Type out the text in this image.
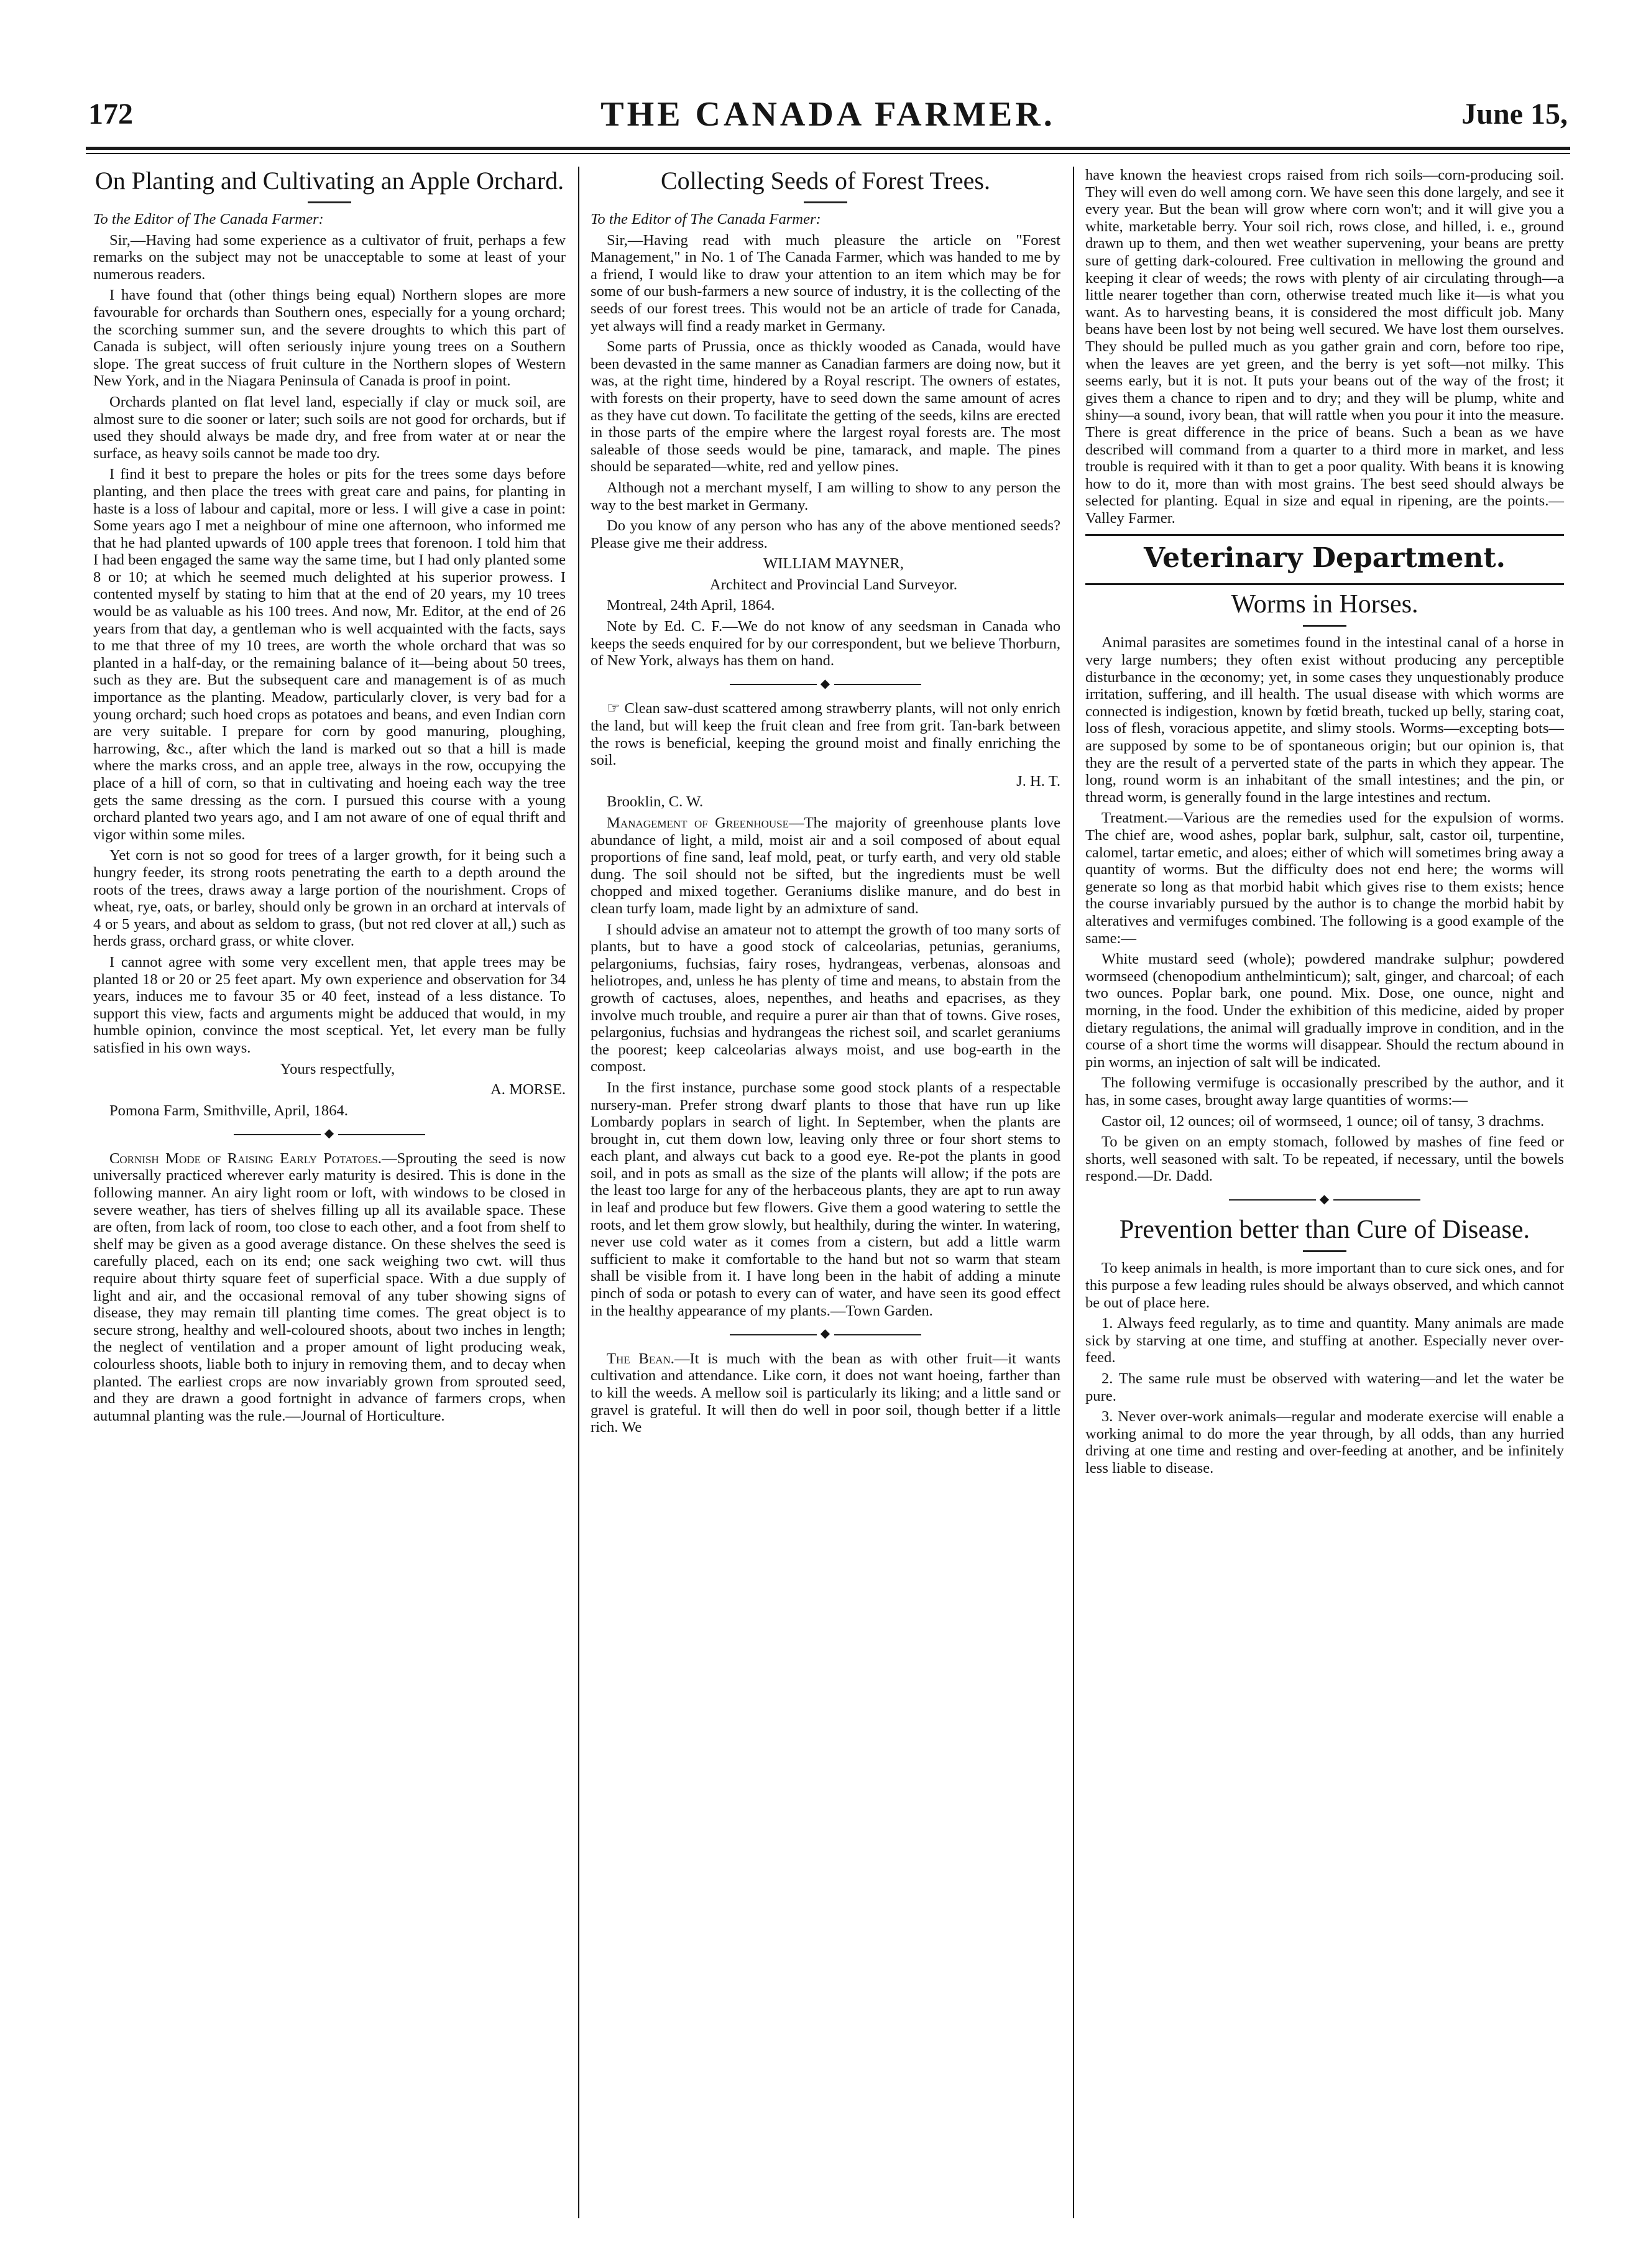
172	THE CANADA FARMER.	June 15,
On Planting and Cultivating an Apple Orchard.

To the Editor of The Canada Farmer:

Sir,—Having had some experience as a cultivator of fruit, perhaps a few remarks on the subject may not be unacceptable to some at least of your numerous readers.

I have found that (other things being equal) Northern slopes are more favourable for orchards than Southern ones, especially for a young orchard; the scorching summer sun, and the severe droughts to which this part of Canada is subject, will often seriously injure young trees on a Southern slope. The great success of fruit culture in the Northern slopes of Western New York, and in the Niagara Peninsula of Canada is proof in point.

Orchards planted on flat level land, especially if clay or muck soil, are almost sure to die sooner or later; such soils are not good for orchards, but if used they should always be made dry, and free from water at or near the surface, as heavy soils cannot be made too dry.

I find it best to prepare the holes or pits for the trees some days before planting, and then place the trees with great care and pains, for planting in haste is a loss of labour and capital, more or less. I will give a case in point: Some years ago I met a neighbour of mine one afternoon, who informed me that he had planted upwards of 100 apple trees that forenoon. I told him that I had been engaged the same way the same time, but I had only planted some 8 or 10; at which he seemed much delighted at his superior prowess. I contented myself by stating to him that at the end of 20 years, my 10 trees would be as valuable as his 100 trees. And now, Mr. Editor, at the end of 26 years from that day, a gentleman who is well acquainted with the facts, says to me that three of my 10 trees, are worth the whole orchard that was so planted in a half-day, or the remaining balance of it—being about 50 trees, such as they are. But the subsequent care and management is of as much importance as the planting. Meadow, particularly clover, is very bad for a young orchard; such hoed crops as potatoes and beans, and even Indian corn are very suitable. I prepare for corn by good manuring, ploughing, harrowing, &c., after which the land is marked out so that a hill is made where the marks cross, and an apple tree, always in the row, occupying the place of a hill of corn, so that in cultivating and hoeing each way the tree gets the same dressing as the corn. I pursued this course with a young orchard planted two years ago, and I am not aware of one of equal thrift and vigor within some miles.

Yet corn is not so good for trees of a larger growth, for it being such a hungry feeder, its strong roots penetrating the earth to a depth around the roots of the trees, draws away a large portion of the nourishment. Crops of wheat, rye, oats, or barley, should only be grown in an orchard at intervals of 4 or 5 years, and about as seldom to grass, (but not red clover at all,) such as herds grass, orchard grass, or white clover.

I cannot agree with some very excellent men, that apple trees may be planted 18 or 20 or 25 feet apart. My own experience and observation for 34 years, induces me to favour 35 or 40 feet, instead of a less distance. To support this view, facts and arguments might be adduced that would, in my humble opinion, convince the most sceptical. Yet, let every man be fully satisfied in his own ways.

Yours respectfully,

A. MORSE.

Pomona Farm, Smithville, April, 1864.

◆

Cornish Mode of Raising Early Potatoes.—Sprouting the seed is now universally practiced wherever early maturity is desired. This is done in the following manner. An airy light room or loft, with windows to be closed in severe weather, has tiers of shelves filling up all its available space. These are often, from lack of room, too close to each other, and a foot from shelf to shelf may be given as a good average distance. On these shelves the seed is carefully placed, each on its end; one sack weighing two cwt. will thus require about thirty square feet of superficial space. With a due supply of light and air, and the occasional removal of any tuber showing signs of disease, they may remain till planting time comes. The great object is to secure strong, healthy and well-coloured shoots, about two inches in length; the neglect of ventilation and a proper amount of light producing weak, colourless shoots, liable both to injury in removing them, and to decay when planted. The earliest crops are now invariably grown from sprouted seed, and they are drawn a good fortnight in advance of farmers crops, when autumnal planting was the rule.—Journal of Horticulture.

Collecting Seeds of Forest Trees.

To the Editor of The Canada Farmer:

Sir,—Having read with much pleasure the article on "Forest Management," in No. 1 of The Canada Farmer, which was handed to me by a friend, I would like to draw your attention to an item which may be for some of our bush-farmers a new source of industry, it is the collecting of the seeds of our forest trees. This would not be an article of trade for Canada, yet always will find a ready market in Germany.

Some parts of Prussia, once as thickly wooded as Canada, would have been devasted in the same manner as Canadian farmers are doing now, but it was, at the right time, hindered by a Royal rescript. The owners of estates, with forests on their property, have to seed down the same amount of acres as they have cut down. To facilitate the getting of the seeds, kilns are erected in those parts of the empire where the largest royal forests are. The most saleable of those seeds would be pine, tamarack, and maple. The pines should be separated—white, red and yellow pines.

Although not a merchant myself, I am willing to show to any person the way to the best market in Germany.

Do you know of any person who has any of the above mentioned seeds? Please give me their address.

WILLIAM MAYNER,

Architect and Provincial Land Surveyor.

Montreal, 24th April, 1864.

Note by Ed. C. F.—We do not know of any seedsman in Canada who keeps the seeds enquired for by our correspondent, but we believe Thorburn, of New York, always has them on hand.

◆

☞ Clean saw-dust scattered among strawberry plants, will not only enrich the land, but will keep the fruit clean and free from grit. Tan-bark between the rows is beneficial, keeping the ground moist and finally enriching the soil.

J. H. T.

Brooklin, C. W.

Management of Greenhouse—The majority of greenhouse plants love abundance of light, a mild, moist air and a soil composed of about equal proportions of fine sand, leaf mold, peat, or turfy earth, and very old stable dung. The soil should not be sifted, but the ingredients must be well chopped and mixed together. Geraniums dislike manure, and do best in clean turfy loam, made light by an admixture of sand.

I should advise an amateur not to attempt the growth of too many sorts of plants, but to have a good stock of calceolarias, petunias, geraniums, pelargoniums, fuchsias, fairy roses, hydrangeas, verbenas, alonsoas and heliotropes, and, unless he has plenty of time and means, to abstain from the growth of cactuses, aloes, nepenthes, and heaths and epacrises, as they involve much trouble, and require a purer air than that of towns. Give roses, pelargonius, fuchsias and hydrangeas the richest soil, and scarlet geraniums the poorest; keep calceolarias always moist, and use bog-earth in the compost.

In the first instance, purchase some good stock plants of a respectable nursery-man. Prefer strong dwarf plants to those that have run up like Lombardy poplars in search of light. In September, when the plants are brought in, cut them down low, leaving only three or four short stems to each plant, and always cut back to a good eye. Re-pot the plants in good soil, and in pots as small as the size of the plants will allow; if the pots are the least too large for any of the herbaceous plants, they are apt to run away in leaf and produce but few flowers. Give them a good watering to settle the roots, and let them grow slowly, but healthily, during the winter. In watering, never use cold water as it comes from a cistern, but add a little warm sufficient to make it comfortable to the hand but not so warm that steam shall be visible from it. I have long been in the habit of adding a minute pinch of soda or potash to every can of water, and have seen its good effect in the healthy appearance of my plants.—Town Garden.

◆

The Bean.—It is much with the bean as with other fruit—it wants cultivation and attendance. Like corn, it does not want hoeing, farther than to kill the weeds. A mellow soil is particularly its liking; and a little sand or gravel is grateful. It will then do well in poor soil, though better if a little rich. We

have known the heaviest crops raised from rich soils—corn-producing soil. They will even do well among corn. We have seen this done largely, and see it every year. But the bean will grow where corn won't; and it will give you a white, marketable berry. Your soil rich, rows close, and hilled, i. e., ground drawn up to them, and then wet weather supervening, your beans are pretty sure of getting dark-coloured. Free cultivation in mellowing the ground and keeping it clear of weeds; the rows with plenty of air circulating through—a little nearer together than corn, otherwise treated much like it—is what you want. As to harvesting beans, it is considered the most difficult job. Many beans have been lost by not being well secured. We have lost them ourselves. They should be pulled much as you gather grain and corn, before too ripe, when the leaves are yet green, and the berry is yet soft—not milky. This seems early, but it is not. It puts your beans out of the way of the frost; it gives them a chance to ripen and to dry; and they will be plump, white and shiny—a sound, ivory bean, that will rattle when you pour it into the measure. There is great difference in the price of beans. Such a bean as we have described will command from a quarter to a third more in market, and less trouble is required with it than to get a poor quality. With beans it is knowing how to do it, more than with most grains. The best seed should always be selected for planting. Equal in size and equal in ripening, are the points.—Valley Farmer.

Veterinary Department.
Worms in Horses.

Animal parasites are sometimes found in the intestinal canal of a horse in very large numbers; they often exist without producing any perceptible disturbance in the œconomy; yet, in some cases they unquestionably produce irritation, suffering, and ill health. The usual disease with which worms are connected is indigestion, known by fœtid breath, tucked up belly, staring coat, loss of flesh, voracious appetite, and slimy stools. Worms—excepting bots—are supposed by some to be of spontaneous origin; but our opinion is, that they are the result of a perverted state of the parts in which they appear. The long, round worm is an inhabitant of the small intestines; and the pin, or thread worm, is generally found in the large intestines and rectum.

Treatment.—Various are the remedies used for the expulsion of worms. The chief are, wood ashes, poplar bark, sulphur, salt, castor oil, turpentine, calomel, tartar emetic, and aloes; either of which will sometimes bring away a quantity of worms. But the difficulty does not end here; the worms will generate so long as that morbid habit which gives rise to them exists; hence the course invariably pursued by the author is to change the morbid habit by alteratives and vermifuges combined. The following is a good example of the same:—

White mustard seed (whole); powdered mandrake sulphur; powdered wormseed (chenopodium anthelminticum); salt, ginger, and charcoal; of each two ounces. Poplar bark, one pound. Mix. Dose, one ounce, night and morning, in the food. Under the exhibition of this medicine, aided by proper dietary regulations, the animal will gradually improve in condition, and in the course of a short time the worms will disappear. Should the rectum abound in pin worms, an injection of salt will be indicated.

The following vermifuge is occasionally prescribed by the author, and it has, in some cases, brought away large quantities of worms:—

Castor oil, 12 ounces; oil of wormseed, 1 ounce; oil of tansy, 3 drachms.

To be given on an empty stomach, followed by mashes of fine feed or shorts, well seasoned with salt. To be repeated, if necessary, until the bowels respond.—Dr. Dadd.

◆
Prevention better than Cure of Disease.

To keep animals in health, is more important than to cure sick ones, and for this purpose a few leading rules should be always observed, and which cannot be out of place here.

1. Always feed regularly, as to time and quantity. Many animals are made sick by starving at one time, and stuffing at another. Especially never over-feed.

2. The same rule must be observed with watering—and let the water be pure.

3. Never over-work animals—regular and moderate exercise will enable a working animal to do more the year through, by all odds, than any hurried driving at one time and resting and over-feeding at another, and be infinitely less liable to disease.
